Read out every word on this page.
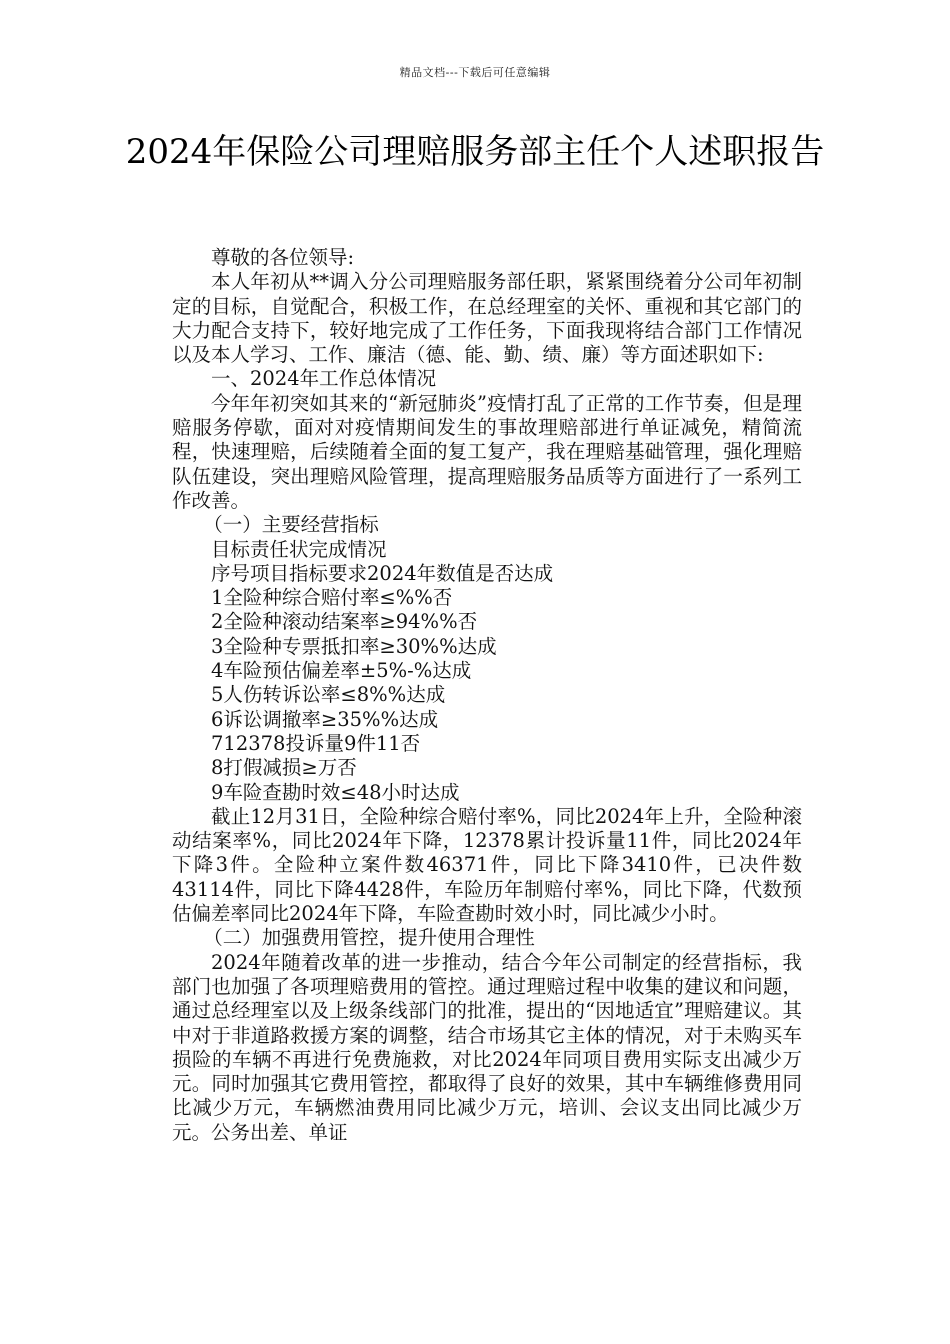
精品文档---下载后可任意编辑
2024年保险公司理赔服务部主任个人述职报告

尊敬的各位领导:

本人年初从**调入分公司理赔服务部任职，紧紧围绕着分公司年初制定的目标，自觉配合，积极工作，在总经理室的关怀、重视和其它部门的大力配合支持下，较好地完成了工作任务，下面我现将结合部门工作情况以及本人学习、工作、廉洁（德、能、勤、绩、廉）等方面述职如下:

一、2024年工作总体情况

今年年初突如其来的“新冠肺炎”疫情打乱了正常的工作节奏，但是理赔服务停歇，面对对疫情期间发生的事故理赔部进行单证减免，精简流程，快速理赔，后续随着全面的复工复产，我在理赔基础管理，强化理赔队伍建设，突出理赔风险管理，提高理赔服务品质等方面进行了一系列工作改善。

（一）主要经营指标

目标责任状完成情况

序号项目指标要求2024年数值是否达成

1全险种综合赔付率≤%%否

2全险种滚动结案率≥94%%否

3全险种专票抵扣率≥30%%达成

4车险预估偏差率±5%-%达成

5人伤转诉讼率≤8%%达成

6诉讼调撤率≥35%%达成

712378投诉量9件11否

8打假减损≥万否

9车险查勘时效≤48小时达成

截止12月31日，全险种综合赔付率%，同比2024年上升，全险种滚动结案率%，同比2024年下降，12378累计投诉量11件，同比2024年下降3件。全险种立案件数46371件，同比下降3410件，已决件数43114件，同比下降4428件，车险历年制赔付率%，同比下降，代数预估偏差率同比2024年下降，车险查勘时效小时，同比减少小时。

（二）加强费用管控，提升使用合理性

2024年随着改革的进一步推动，结合今年公司制定的经营指标，我部门也加强了各项理赔费用的管控。通过理赔过程中收集的建议和问题，通过总经理室以及上级条线部门的批准，提出的“因地适宜”理赔建议。其中对于非道路救援方案的调整，结合市场其它主体的情况，对于未购买车损险的车辆不再进行免费施救，对比2024年同项目费用实际支出减少万元。同时加强其它费用管控，都取得了良好的效果，其中车辆维修费用同比减少万元，车辆燃油费用同比减少万元，培训、会议支出同比减少万元。公务出差、单证
